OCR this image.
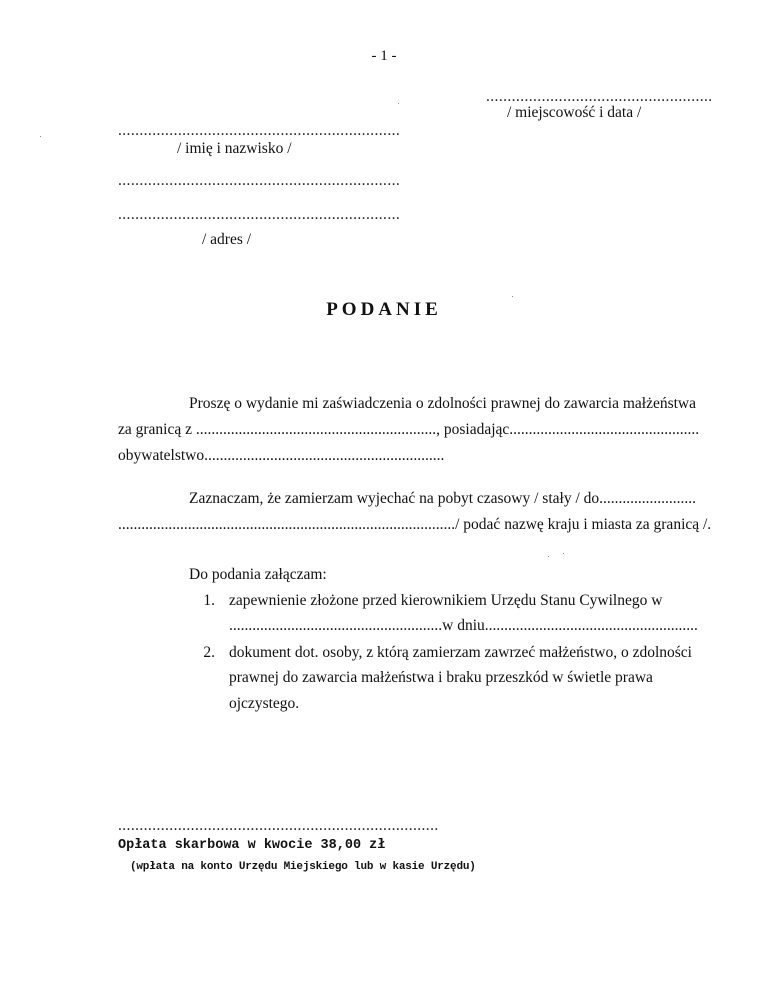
- 1 -
.....................................................
/ miejscowość i data /
..................................................................
/ imię i nazwisko /
..................................................................
..................................................................
/ adres /
PODANIE
Proszę o wydanie mi zaświadczenia o zdolności prawnej do zawarcia małżeństwa
za granicą z .............................................................., posiadając.................................................
obywatelstwo..............................................................
Zaznaczam, że zamierzam wyjechać na pobyt czasowy / stały / do.........................
......................................................................................./ podać nazwę kraju i miasta za granicą /.
Do podania załączam:
1. zapewnienie złożone przed kierownikiem Urzędu Stanu Cywilnego w
.......................................................w dniu.......................................................
2. dokument dot. osoby, z którą zamierzam zawrzeć małżeństwo, o zdolności
prawnej do zawarcia małżeństwa i braku przeszkód w świetle prawa
ojczystego.
...........................................................................
Opłata skarbowa w kwocie 38,00 zł
(wpłata na konto Urzędu Miejskiego lub w kasie Urzędu)
